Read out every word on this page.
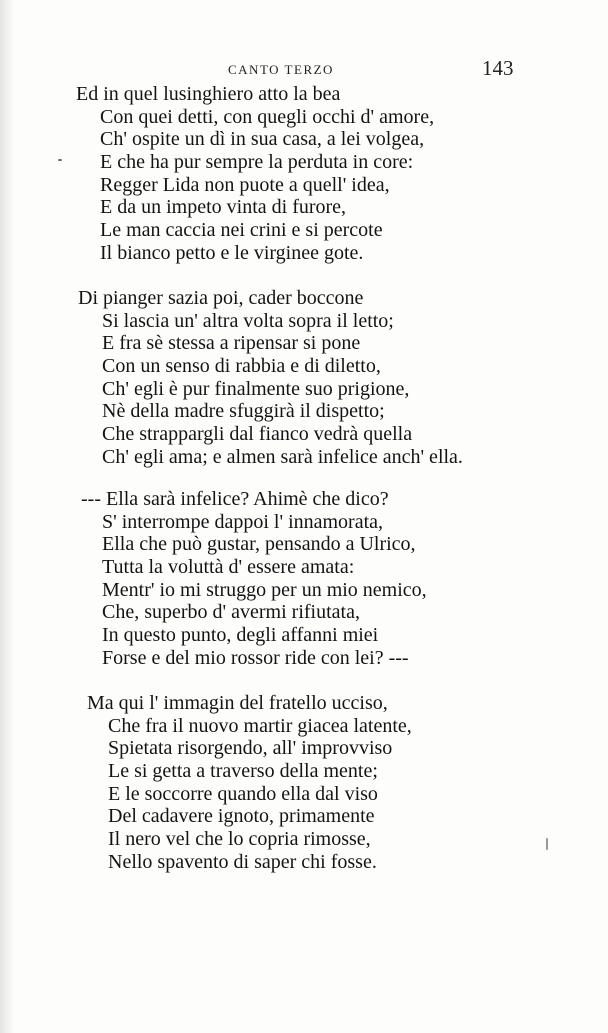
CANTO TERZO	143
Ed in quel lusinghiero atto la bea
Con quei detti, con quegli occhi d' amore,
Ch' ospite un dì in sua casa, a lei volgea,
E che ha pur sempre la perduta in core:
Regger Lida non puote a quell' idea,
E da un impeto vinta di furore,
Le man caccia nei crini e si percote
Il bianco petto e le virginee gote.
Di pianger sazia poi, cader boccone
Si lascia un' altra volta sopra il letto;
E fra sè stessa a ripensar si pone
Con un senso di rabbia e di diletto,
Ch' egli è pur finalmente suo prigione,
Nè della madre sfuggirà il dispetto;
Che strappargli dal fianco vedrà quella
Ch' egli ama; e almen sarà infelice anch' ella.
--- Ella sarà infelice? Ahimè che dico?
S' interrompe dappoi l' innamorata,
Ella che può gustar, pensando a Ulrico,
Tutta la voluttà d' essere amata:
Mentr' io mi struggo per un mio nemico,
Che, superbo d' avermi rifiutata,
In questo punto, degli affanni miei
Forse e del mio rossor ride con lei? ---
Ma qui l' immagin del fratello ucciso,
Che fra il nuovo martir giacea latente,
Spietata risorgendo, all' improvviso
Le si getta a traverso della mente;
E le soccorre quando ella dal viso
Del cadavere ignoto, primamente
Il nero vel che lo copria rimosse,
Nello spavento di saper chi fosse.
